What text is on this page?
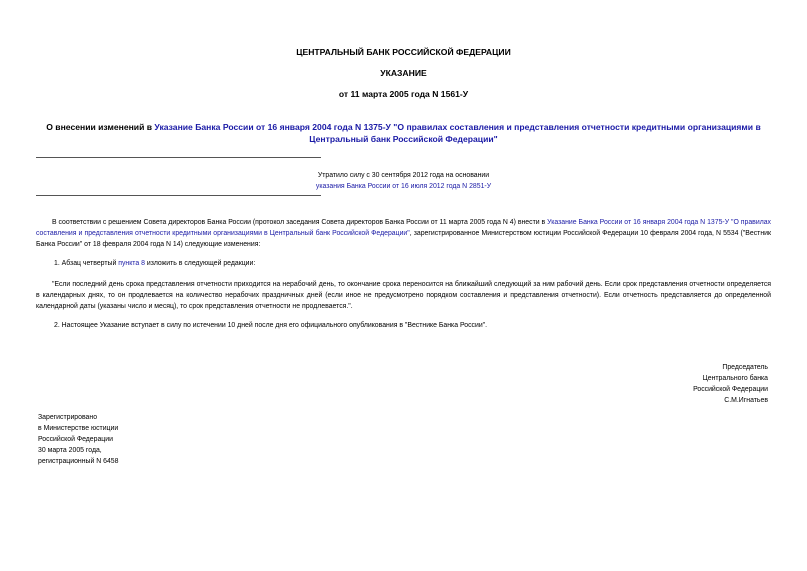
ЦЕНТРАЛЬНЫЙ БАНК РОССИЙСКОЙ ФЕДЕРАЦИИ
УКАЗАНИЕ
от 11 марта 2005 года N 1561-У
О внесении изменений в Указание Банка России от 16 января 2004 года N 1375-У "О правилах составления и представления отчетности кредитными организациями в Центральный банк Российской Федерации"
Утратило силу с 30 сентября 2012 года на основании
указания Банка России от 16 июля 2012 года N 2851-У
В соответствии с решением Совета директоров Банка России (протокол заседания Совета директоров Банка России от 11 марта 2005 года N 4) внести в Указание Банка России от 16 января 2004 года N 1375-У "О правилах составления и представления отчетности кредитными организациями в Центральный банк Российской Федерации", зарегистрированное Министерством юстиции Российской Федерации 10 февраля 2004 года, N 5534 ("Вестник Банка России" от 18 февраля 2004 года N 14) следующие изменения:
1. Абзац четвертый пункта 8 изложить в следующей редакции:
"Если последний день срока представления отчетности приходится на нерабочий день, то окончание срока переносится на ближайший следующий за ним рабочий день. Если срок представления отчетности определяется в календарных днях, то он продлевается на количество нерабочих праздничных дней (если иное не предусмотрено порядком составления и представления отчетности). Если отчетность представляется до определенной календарной даты (указаны число и месяц), то срок представления отчетности не продлевается.".
2. Настоящее Указание вступает в силу по истечении 10 дней после дня его официального опубликования в "Вестнике Банка России".
Председатель
Центрального банка
Российской Федерации
С.М.Игнатьев
Зарегистрировано
в Министерстве юстиции
Российской Федерации
30 марта 2005 года,
регистрационный N 6458
